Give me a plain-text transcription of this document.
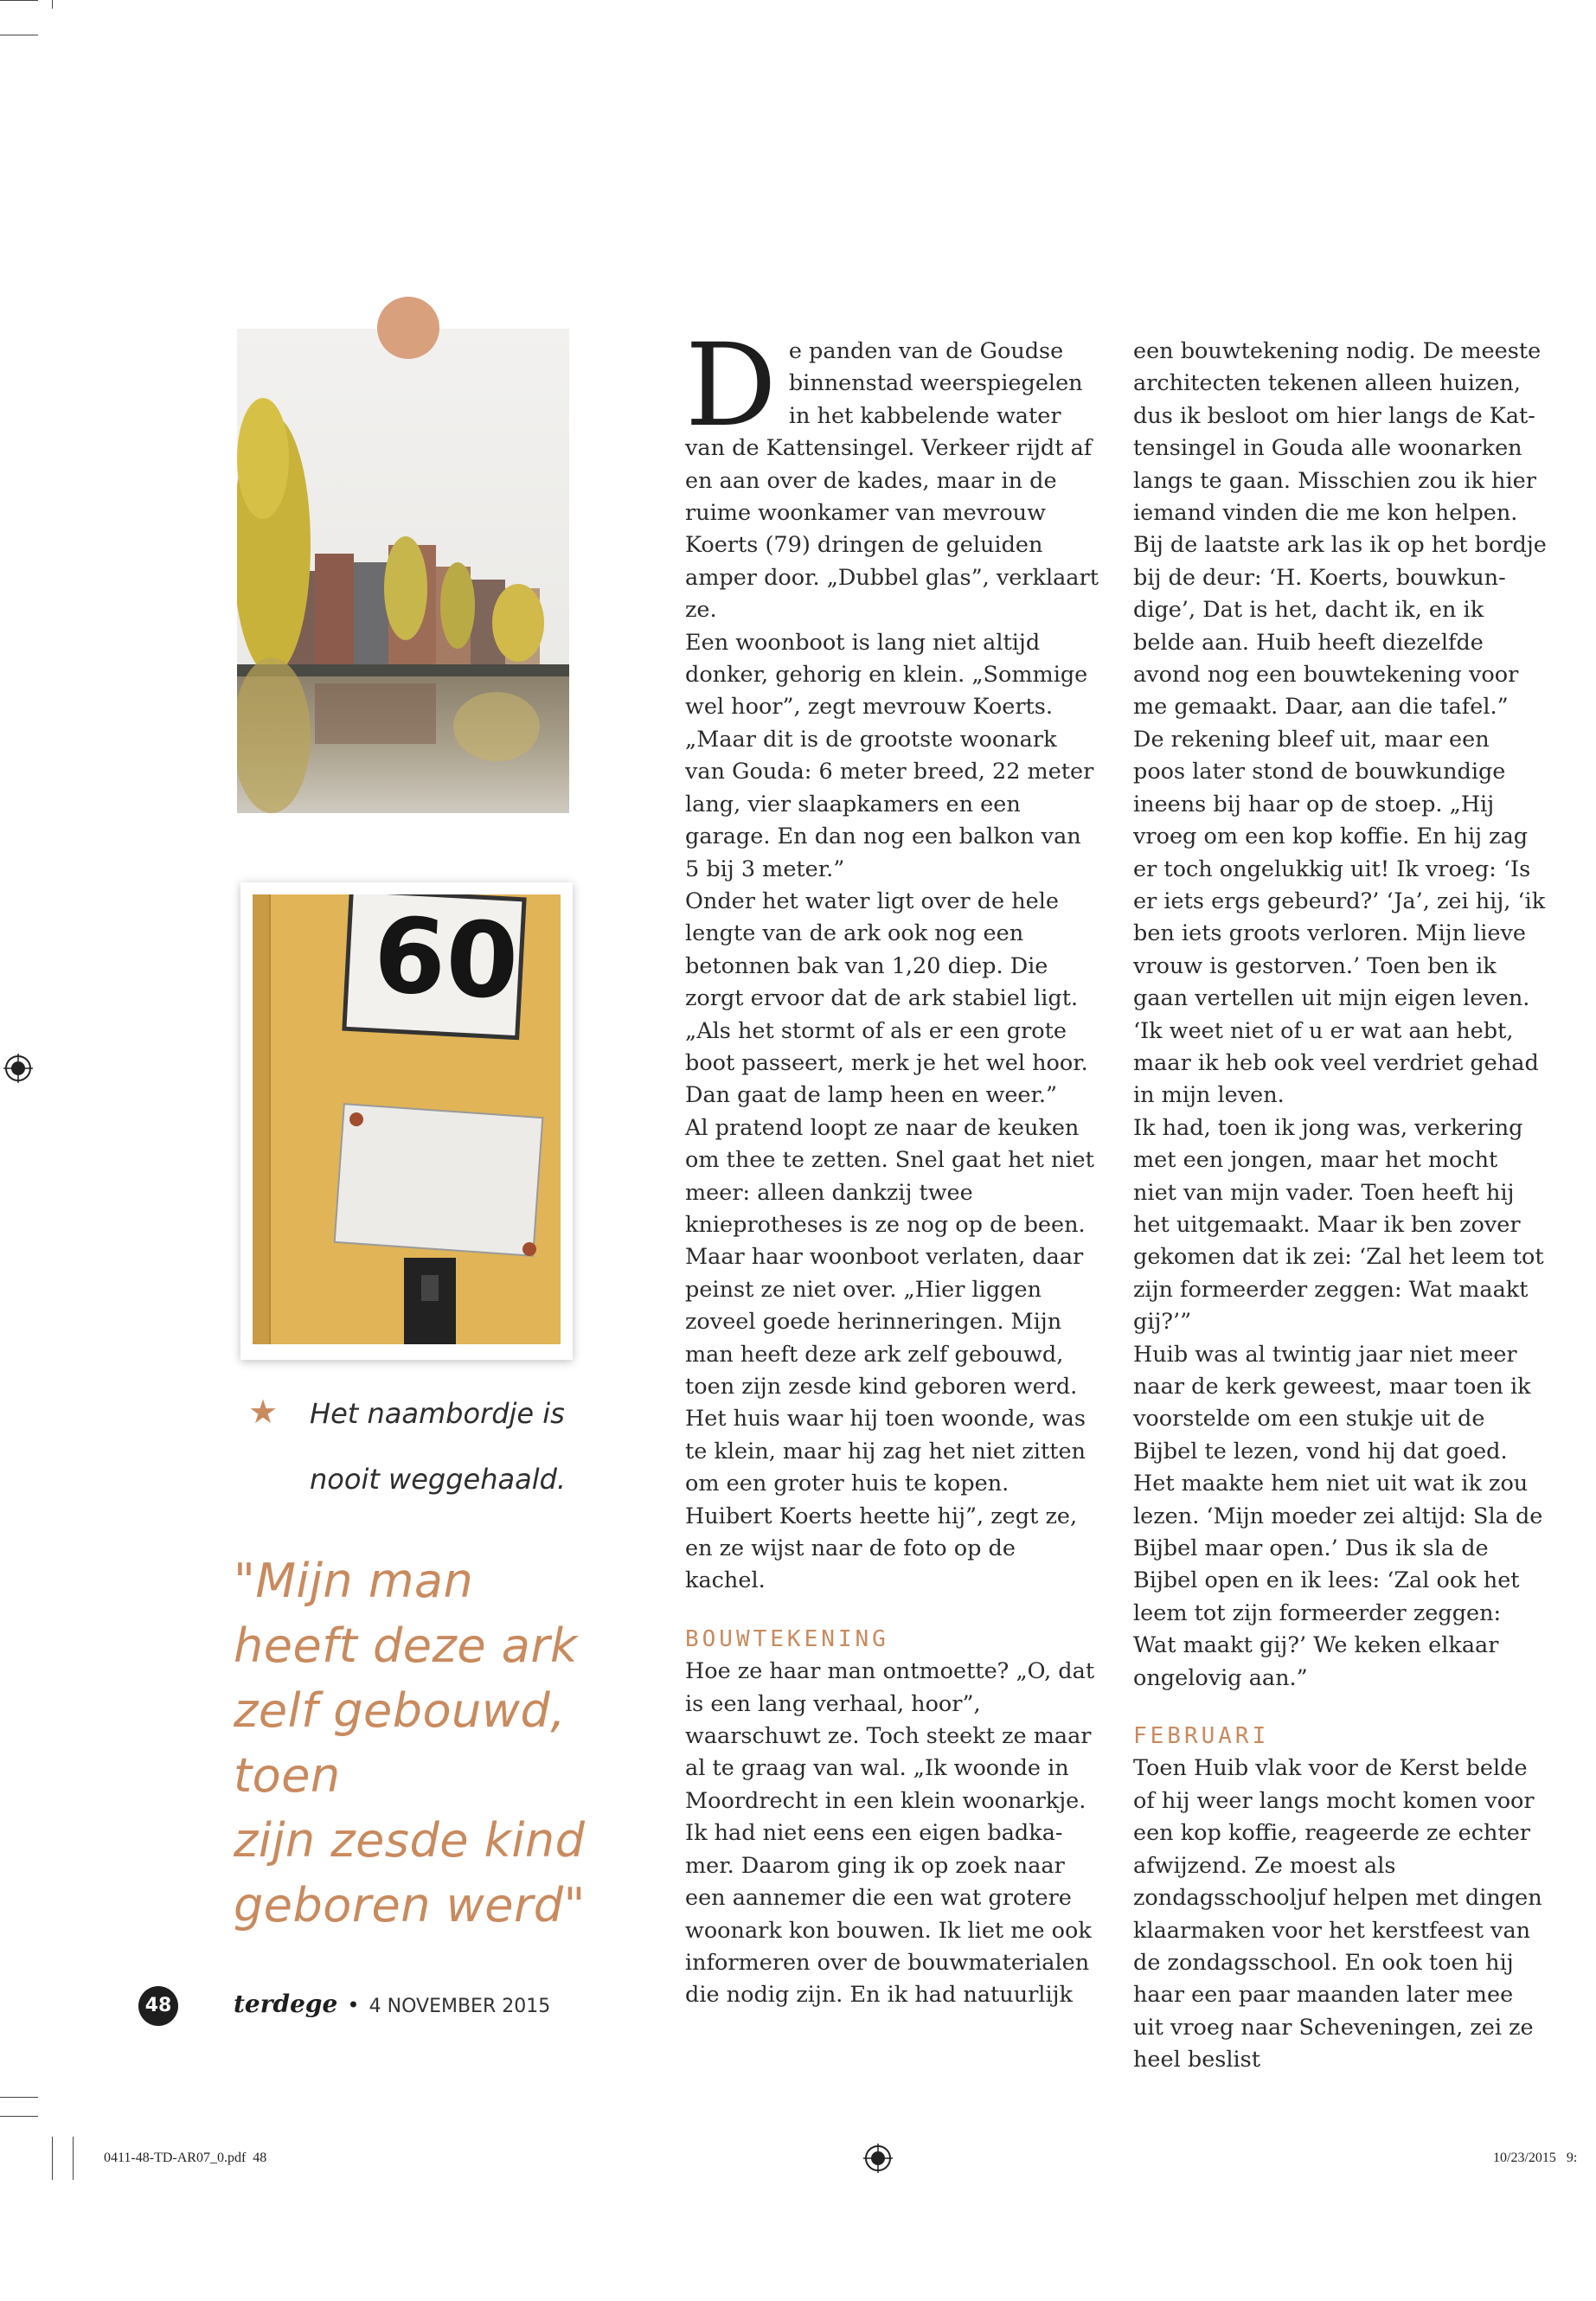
60
★ Het naambordje is
nooit weggehaald.
"Mijn man
heeft deze ark
zelf gebouwd, toen
zijn zesde kind
geboren werd"
D e panden van de Goudse binnenstad weerspiegelen in het kabbelende water van de Kattensingel. Verkeer rijdt af en aan over de kades, maar in de ruime woonkamer van mevrouw Koerts (79) dringen de geluiden amper door. „Dubbel glas”, verklaart ze.

Een woonboot is lang niet altijd donker, gehorig en klein. „Sommige wel hoor”, zegt mevrouw Koerts. „Maar dit is de grootste woonark van Gouda: 6 meter breed, 22 meter lang, vier slaapkamers en een garage. En dan nog een balkon van 5 bij 3 meter.”

Onder het water ligt over de hele lengte van de ark ook nog een betonnen bak van 1,20 diep. Die zorgt ervoor dat de ark stabiel ligt. „Als het stormt of als er een grote boot passeert, merk je het wel hoor. Dan gaat de lamp heen en weer.”

Al pratend loopt ze naar de keuken om thee te zetten. Snel gaat het niet meer: alleen dankzij twee knieprotheses is ze nog op de been. Maar haar woonboot verlaten, daar peinst ze niet over. „Hier liggen zoveel goede herinneringen. Mijn man heeft deze ark zelf gebouwd, toen zijn zesde kind geboren werd. Het huis waar hij toen woonde, was te klein, maar hij zag het niet zitten om een groter huis te kopen. Huibert Koerts heette hij”, zegt ze, en ze wijst naar de foto op de kachel.

BOUWTEKENING

Hoe ze haar man ontmoette? „O, dat is een lang verhaal, hoor”, waarschuwt ze. Toch steekt ze maar al te graag van wal. „Ik woonde in Moordrecht in een klein woonarkje. Ik had niet eens een eigen badkamer. Daarom ging ik op zoek naar een aannemer die een wat grotere woonark kon bouwen. Ik liet me ook informeren over de bouwmaterialen die nodig zijn. En ik had natuurlijk

een bouwtekening nodig. De meeste architecten tekenen alleen huizen, dus ik besloot om hier langs de Kattensingel in Gouda alle woonarken langs te gaan. Misschien zou ik hier iemand vinden die me kon helpen. Bij de laatste ark las ik op het bordje bij de deur: ‘H. Koerts, bouwkundige’, Dat is het, dacht ik, en ik belde aan. Huib heeft diezelfde avond nog een bouwtekening voor me gemaakt. Daar, aan die tafel.”

De rekening bleef uit, maar een poos later stond de bouwkundige ineens bij haar op de stoep. „Hij vroeg om een kop koffie. En hij zag er toch ongelukkig uit! Ik vroeg: ‘Is er iets ergs gebeurd?’ ‘Ja’, zei hij, ‘ik ben iets groots verloren. Mijn lieve vrouw is gestorven.’ Toen ben ik gaan vertellen uit mijn eigen leven. ‘Ik weet niet of u er wat aan hebt, maar ik heb ook veel verdriet gehad in mijn leven.

Ik had, toen ik jong was, verkering met een jongen, maar het mocht niet van mijn vader. Toen heeft hij het uitgemaakt. Maar ik ben zover gekomen dat ik zei: ‘Zal het leem tot zijn formeerder zeggen: Wat maakt gij?’”

Huib was al twintig jaar niet meer naar de kerk geweest, maar toen ik voorstelde om een stukje uit de Bijbel te lezen, vond hij dat goed. Het maakte hem niet uit wat ik zou lezen. ‘Mijn moeder zei altijd: Sla de Bijbel maar open.’ Dus ik sla de Bijbel open en ik lees: ‘Zal ook het leem tot zijn formeerder zeggen: Wat maakt gij?’ We keken elkaar ongelovig aan.”

FEBRUARI

Toen Huib vlak voor de Kerst belde of hij weer langs mocht komen voor een kop koffie, reageerde ze echter afwijzend. Ze moest als zondagsschooljuf helpen met dingen klaarmaken voor het kerstfeest van de zondagsschool. En ook toen hij haar een paar maanden later mee uit vroeg naar Scheveningen, zei ze heel beslist

48	terdege • 4 NOVEMBER 2015
0411-48-TD-AR07_0.pdf  48	10/23/2015   9:
